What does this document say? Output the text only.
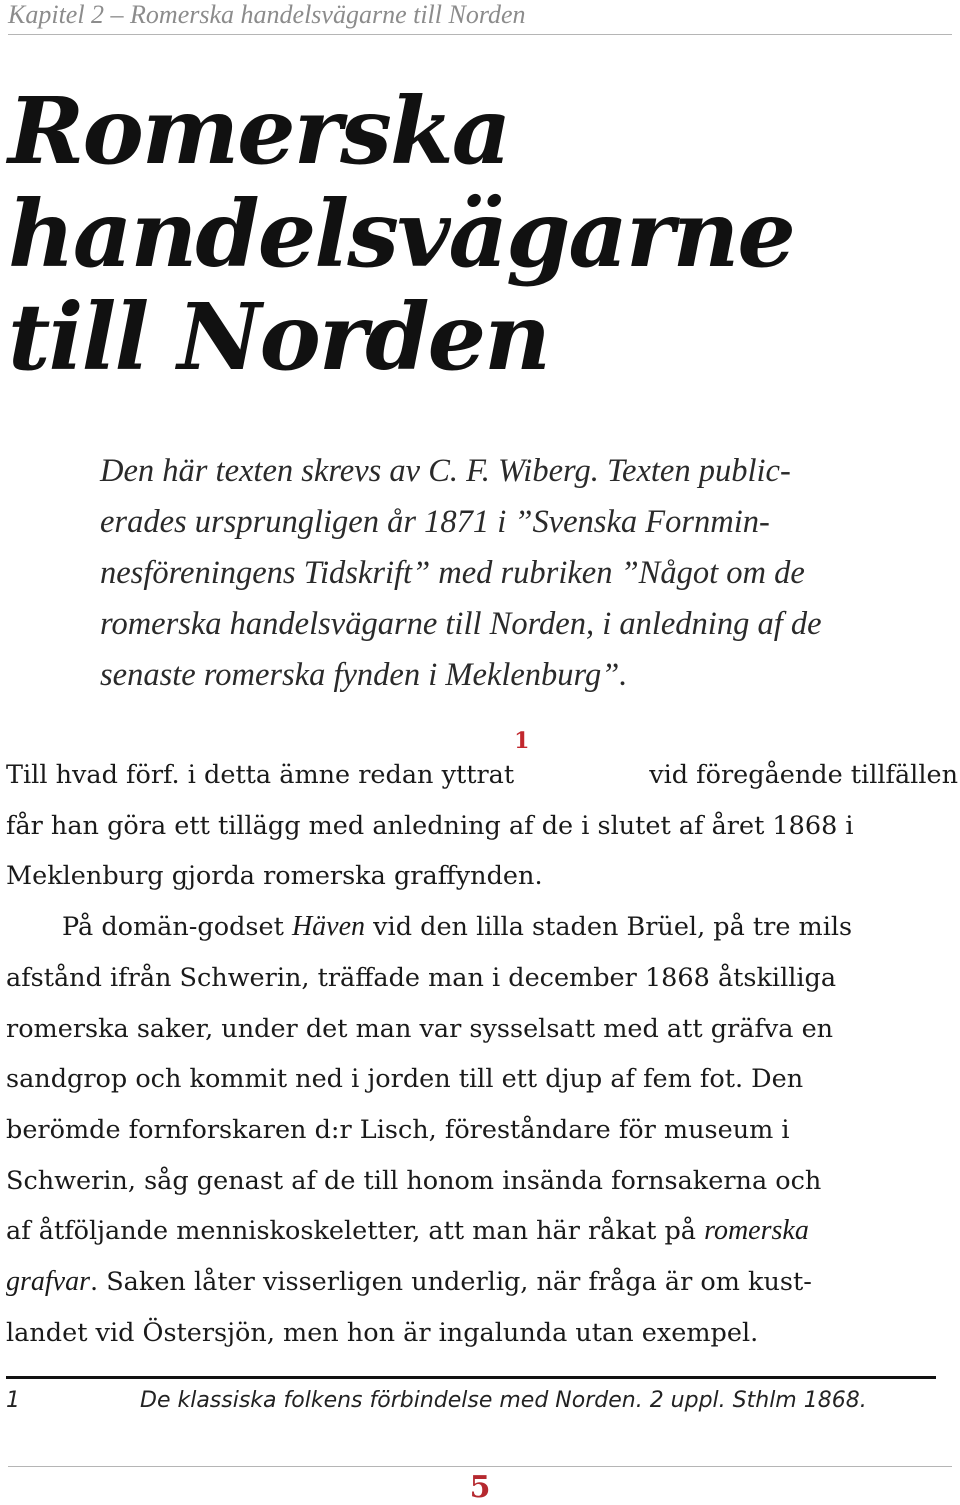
Kapitel 2 – Romerska handelsvägarne till Norden
Romerska
handelsvägarne
till Norden

Den här texten skrevs av C. F. Wiberg. Texten public-
erades ursprungligen år 1871 i ”Svenska Fornmin-
nesföreningens Tidskrift” med rubriken ”Något om de
romerska handelsvägarne till Norden, i anledning af de
senaste romerska fynden i Meklenburg”.

Till hvad förf. i detta ämne redan yttrat$^1$
vid föregående tillfällen
får han göra ett tillägg med anledning af de i slutet af året 1868 i
Meklenburg gjorda romerska graffynden.
På domän-godset Häven vid den lilla staden Brüel, på tre mils
afstånd ifrån Schwerin, träffade man i december 1868 åtskilliga
romerska saker, under det man var sysselsatt med att gräfva en
sandgrop och kommit ned i jorden till ett djup af fem fot. Den
berömde fornforskaren d:r Lisch, föreståndare för museum i
Schwerin, såg genast af de till honom insända fornsakerna och
af åtföljande menniskoskeletter, att man här råkat på romerska
grafvar. Saken låter visserligen underlig, när fråga är om kust-
landet vid Östersjön, men hon är ingalunda utan exempel.
1	De klassiska folkens förbindelse med Norden. 2 uppl. Sthlm 1868.
5
